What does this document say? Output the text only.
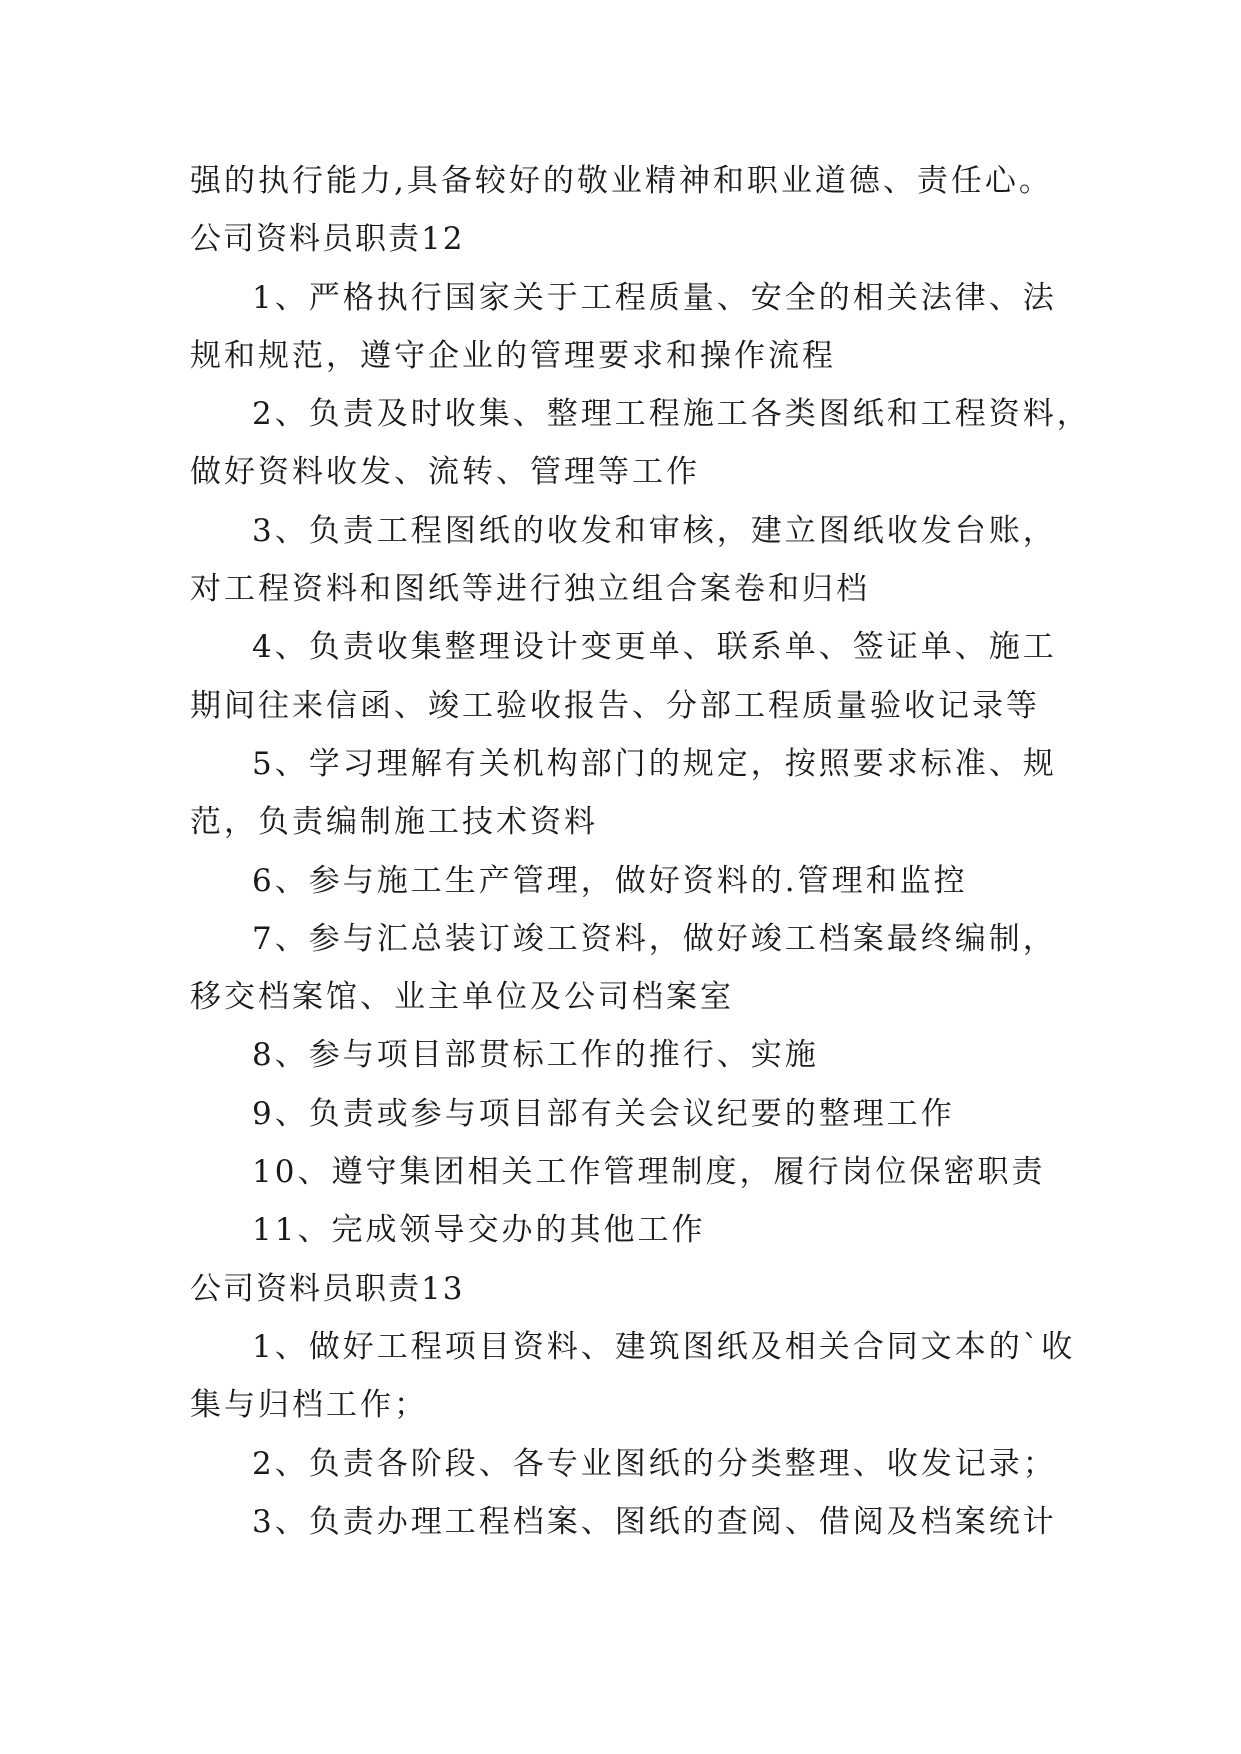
强的执行能力,具备较好的敬业精神和职业道德、责任心。
公司资料员职责12
1、严格执行国家关于工程质量、安全的相关法律、法
规和规范，遵守企业的管理要求和操作流程
2、负责及时收集、整理工程施工各类图纸和工程资料，
做好资料收发、流转、管理等工作
3、负责工程图纸的收发和审核，建立图纸收发台账，
对工程资料和图纸等进行独立组合案卷和归档
4、负责收集整理设计变更单、联系单、签证单、施工
期间往来信函、竣工验收报告、分部工程质量验收记录等
5、学习理解有关机构部门的规定，按照要求标准、规
范，负责编制施工技术资料
6、参与施工生产管理，做好资料的.管理和监控
7、参与汇总装订竣工资料，做好竣工档案最终编制，
移交档案馆、业主单位及公司档案室
8、参与项目部贯标工作的推行、实施
9、负责或参与项目部有关会议纪要的整理工作
10、遵守集团相关工作管理制度，履行岗位保密职责
11、完成领导交办的其他工作
公司资料员职责13
1、做好工程项目资料、建筑图纸及相关合同文本的`收
集与归档工作；
2、负责各阶段、各专业图纸的分类整理、收发记录；
3、负责办理工程档案、图纸的查阅、借阅及档案统计
